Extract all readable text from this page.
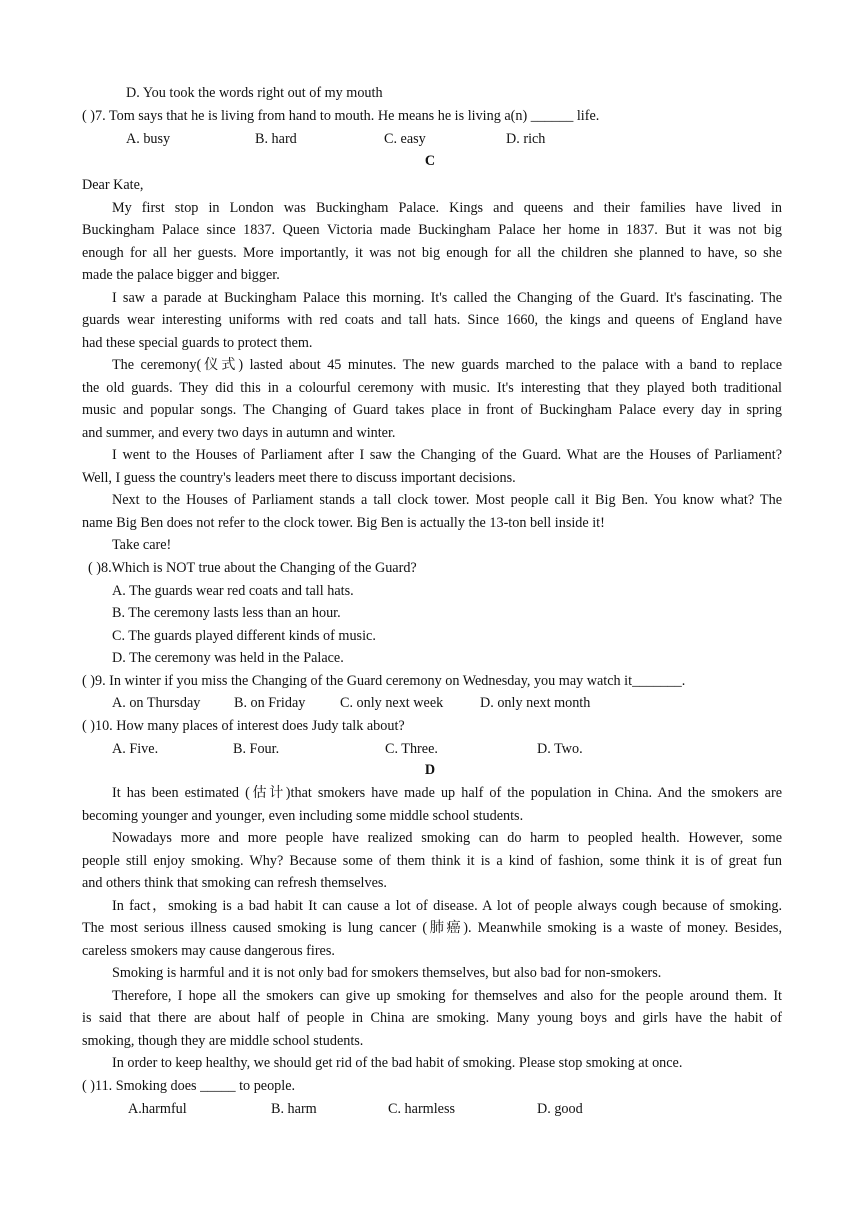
D. You took the words right out of my mouth
( )7. Tom says that he is living from hand to mouth. He means he is living a(n) ______ life.
A. busy	B. hard	C. easy	D. rich
C
Dear Kate,
My first stop in London was Buckingham Palace. Kings and queens and their families have lived in
Buckingham Palace since 1837. Queen Victoria made Buckingham Palace her home in 1837. But it was not big
enough for all her guests. More importantly, it was not big enough for all the children she planned to have, so she
made the palace bigger and bigger.
I saw a parade at Buckingham Palace this morning. It's called the Changing of the Guard. It's fascinating. The
guards wear interesting uniforms with red coats and tall hats. Since 1660, the kings and queens of England have
had these special guards to protect them.
The ceremony(仪式) lasted about 45 minutes. The new guards marched to the palace with a band to replace
the old guards. They did this in a colourful ceremony with music. It's interesting that they played both traditional
music and popular songs. The Changing of Guard takes place in front of Buckingham Palace every day in spring
and summer, and every two days in autumn and winter.
I went to the Houses of Parliament after I saw the Changing of the Guard. What are the Houses of Parliament?
Well, I guess the country's leaders meet there to discuss important decisions.
Next to the Houses of Parliament stands a tall clock tower. Most people call it Big Ben. You know what? The
name Big Ben does not refer to the clock tower. Big Ben is actually the 13-ton bell inside it!
Take care!
( )8.Which is NOT true about the Changing of the Guard?
A. The guards wear red coats and tall hats.
B. The ceremony lasts less than an hour.
C. The guards played different kinds of music.
D. The ceremony was held in the Palace.
( )9. In winter if you miss the Changing of the Guard ceremony on Wednesday, you may watch it_______.
A. on Thursday B. on Friday C. only next week	D. only next month
( )10. How many places of interest does Judy talk about?
A. Five.	B. Four.	C. Three.	D. Two.
D
It has been estimated (估计)that smokers have made up half of the population in China. And the smokers are
becoming younger and younger, even including some middle school students.
Nowadays more and more people have realized smoking can do harm to peopled health. However, some
people still enjoy smoking. Why? Because some of them think it is a kind of fashion, some think it is of great fun
and others think that smoking can refresh themselves.
In fact，smoking is a bad habit It can cause a lot of disease. A lot of people always cough because of smoking.
The most serious illness caused smoking is lung cancer (肺癌). Meanwhile smoking is a waste of money. Besides,
careless smokers may cause dangerous fires.
Smoking is harmful and it is not only bad for smokers themselves, but also bad for non-smokers.
Therefore, I hope all the smokers can give up smoking for themselves and also for the people around them. It
is said that there are about half of people in China are smoking. Many young boys and girls have the habit of
smoking, though they are middle school students.
In order to keep healthy, we should get rid of the bad habit of smoking. Please stop smoking at once.
( )11. Smoking does _____ to people.
A.harmful	B. harm	C. harmless	D. good
